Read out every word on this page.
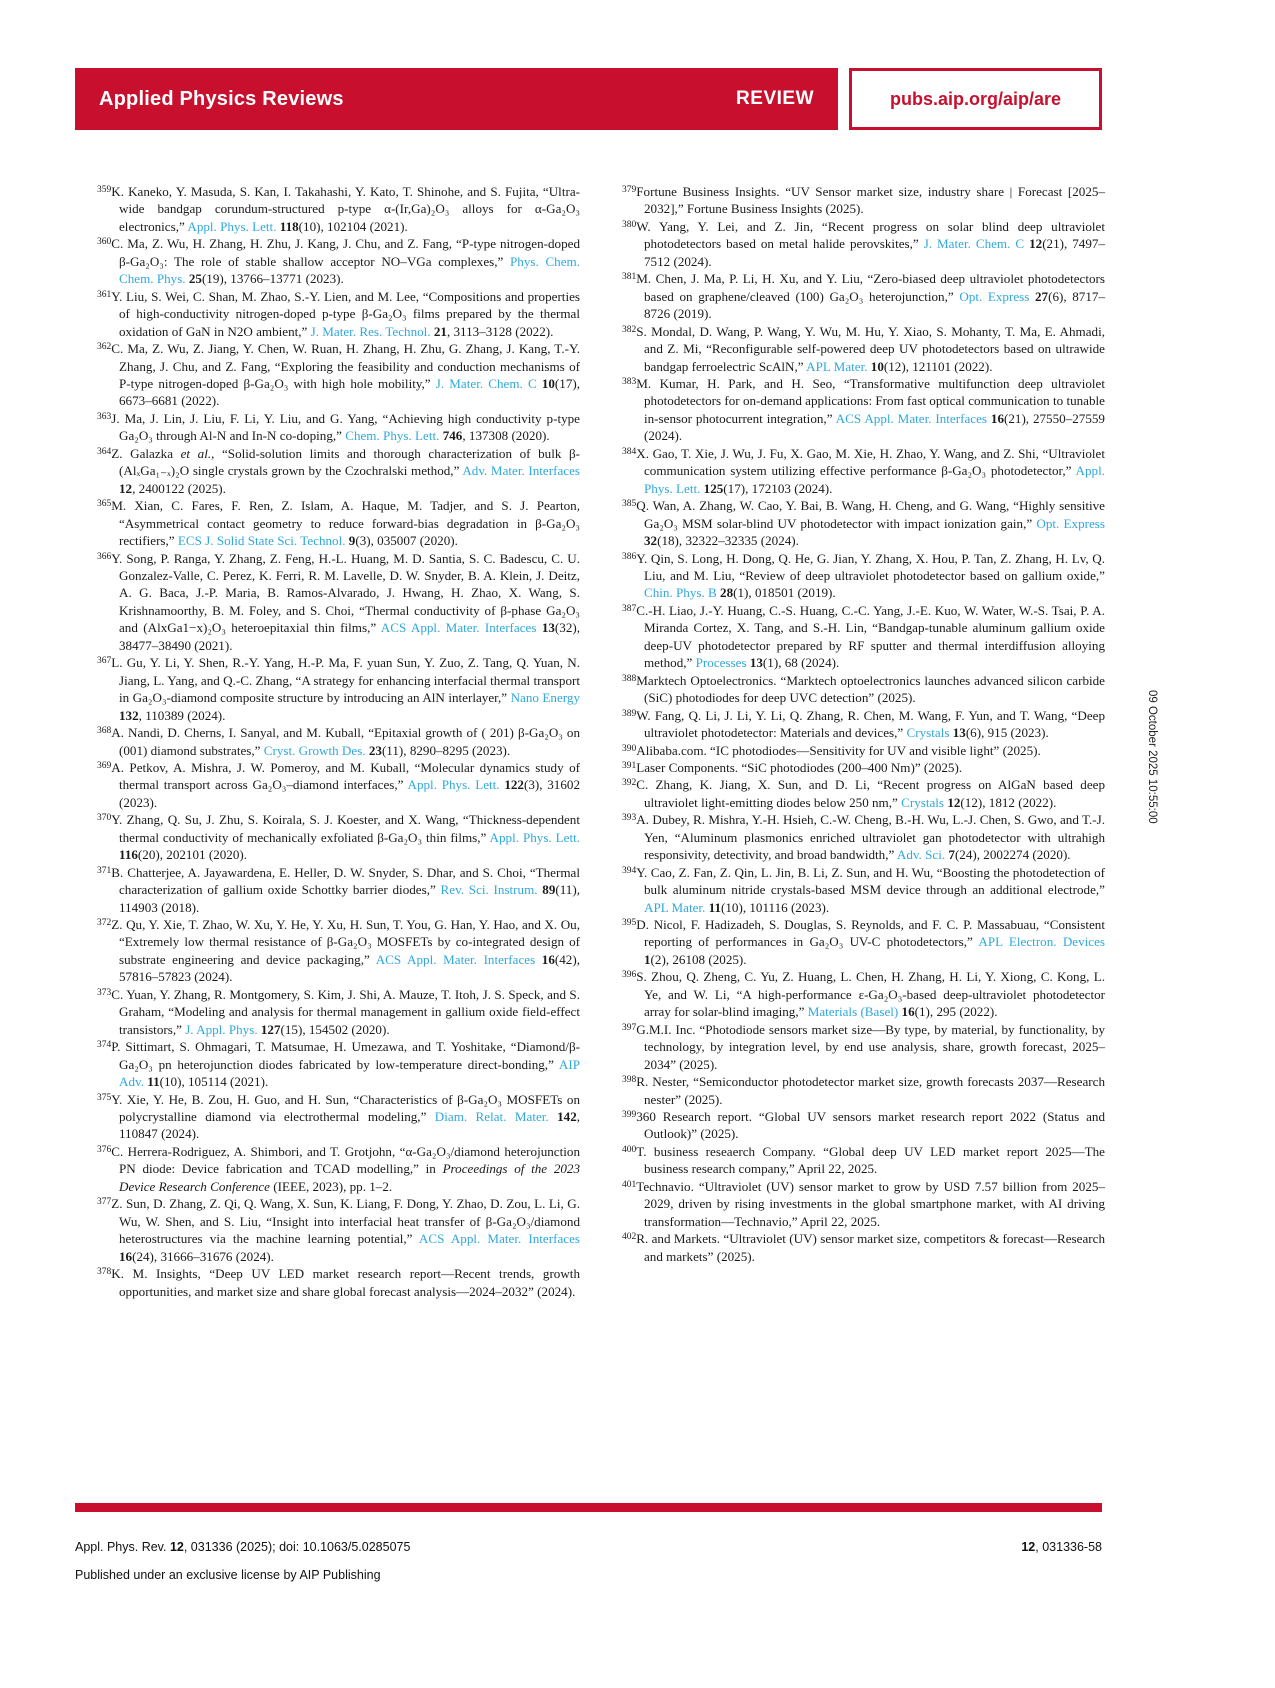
Applied Physics Reviews	REVIEW	pubs.aip.org/aip/are
$^{359}$K. Kaneko, Y. Masuda, S. Kan, I. Takahashi, Y. Kato, T. Shinohe, and S. Fujita, “Ultra-wide bandgap corundum-structured p-type α-(Ir,Ga)₂O₃ alloys for α-Ga₂O₃ electronics,” Appl. Phys. Lett. 118(10), 102104 (2021).
$^{360}$C. Ma, Z. Wu, H. Zhang, H. Zhu, J. Kang, J. Chu, and Z. Fang, “P-type nitrogen-doped β-Ga₂O₃: The role of stable shallow acceptor NO–VGa complexes,” Phys. Chem. Chem. Phys. 25(19), 13766–13771 (2023).
$^{361}$Y. Liu, S. Wei, C. Shan, M. Zhao, S.-Y. Lien, and M. Lee, “Compositions and properties of high-conductivity nitrogen-doped p-type β-Ga₂O₃ films prepared by the thermal oxidation of GaN in N2O ambient,” J. Mater. Res. Technol. 21, 3113–3128 (2022).
$^{362}$C. Ma, Z. Wu, Z. Jiang, Y. Chen, W. Ruan, H. Zhang, H. Zhu, G. Zhang, J. Kang, T.-Y. Zhang, J. Chu, and Z. Fang, “Exploring the feasibility and conduction mechanisms of P-type nitrogen-doped β-Ga₂O₃ with high hole mobility,” J. Mater. Chem. C 10(17), 6673–6681 (2022).
$^{363}$J. Ma, J. Lin, J. Liu, F. Li, Y. Liu, and G. Yang, “Achieving high conductivity p-type Ga₂O₃ through Al-N and In-N co-doping,” Chem. Phys. Lett. 746, 137308 (2020).
$^{364}$Z. Galazka et al., “Solid-solution limits and thorough characterization of bulk β-(AlₓGa₁₋ₓ)₂O single crystals grown by the Czochralski method,” Adv. Mater. Interfaces 12, 2400122 (2025).
$^{365}$M. Xian, C. Fares, F. Ren, Z. Islam, A. Haque, M. Tadjer, and S. J. Pearton, “Asymmetrical contact geometry to reduce forward-bias degradation in β-Ga₂O₃ rectifiers,” ECS J. Solid State Sci. Technol. 9(3), 035007 (2020).
$^{366}$Y. Song, P. Ranga, Y. Zhang, Z. Feng, H.-L. Huang, M. D. Santia, S. C. Badescu, C. U. Gonzalez-Valle, C. Perez, K. Ferri, R. M. Lavelle, D. W. Snyder, B. A. Klein, J. Deitz, A. G. Baca, J.-P. Maria, B. Ramos-Alvarado, J. Hwang, H. Zhao, X. Wang, S. Krishnamoorthy, B. M. Foley, and S. Choi, “Thermal conductivity of β-phase Ga₂O₃ and (AlxGa1−x)₂O₃ heteroepitaxial thin films,” ACS Appl. Mater. Interfaces 13(32), 38477–38490 (2021).
$^{367}$L. Gu, Y. Li, Y. Shen, R.-Y. Yang, H.-P. Ma, F. yuan Sun, Y. Zuo, Z. Tang, Q. Yuan, N. Jiang, L. Yang, and Q.-C. Zhang, “A strategy for enhancing interfacial thermal transport in Ga₂O₃-diamond composite structure by introducing an AlN interlayer,” Nano Energy 132, 110389 (2024).
$^{368}$A. Nandi, D. Cherns, I. Sanyal, and M. Kuball, “Epitaxial growth of ( 201) β-Ga₂O₃ on (001) diamond substrates,” Cryst. Growth Des. 23(11), 8290–8295 (2023).
$^{369}$A. Petkov, A. Mishra, J. W. Pomeroy, and M. Kuball, “Molecular dynamics study of thermal transport across Ga₂O₃–diamond interfaces,” Appl. Phys. Lett. 122(3), 31602 (2023).
$^{370}$Y. Zhang, Q. Su, J. Zhu, S. Koirala, S. J. Koester, and X. Wang, “Thickness-dependent thermal conductivity of mechanically exfoliated β-Ga₂O₃ thin films,” Appl. Phys. Lett. 116(20), 202101 (2020).
$^{371}$B. Chatterjee, A. Jayawardena, E. Heller, D. W. Snyder, S. Dhar, and S. Choi, “Thermal characterization of gallium oxide Schottky barrier diodes,” Rev. Sci. Instrum. 89(11), 114903 (2018).
$^{372}$Z. Qu, Y. Xie, T. Zhao, W. Xu, Y. He, Y. Xu, H. Sun, T. You, G. Han, Y. Hao, and X. Ou, “Extremely low thermal resistance of β-Ga₂O₃ MOSFETs by co-integrated design of substrate engineering and device packaging,” ACS Appl. Mater. Interfaces 16(42), 57816–57823 (2024).
$^{373}$C. Yuan, Y. Zhang, R. Montgomery, S. Kim, J. Shi, A. Mauze, T. Itoh, J. S. Speck, and S. Graham, “Modeling and analysis for thermal management in gallium oxide field-effect transistors,” J. Appl. Phys. 127(15), 154502 (2020).
$^{374}$P. Sittimart, S. Ohmagari, T. Matsumae, H. Umezawa, and T. Yoshitake, “Diamond/β-Ga₂O₃ pn heterojunction diodes fabricated by low-temperature direct-bonding,” AIP Adv. 11(10), 105114 (2021).
$^{375}$Y. Xie, Y. He, B. Zou, H. Guo, and H. Sun, “Characteristics of β-Ga₂O₃ MOSFETs on polycrystalline diamond via electrothermal modeling,” Diam. Relat. Mater. 142, 110847 (2024).
$^{376}$C. Herrera-Rodriguez, A. Shimbori, and T. Grotjohn, “α-Ga₂O₃/diamond heterojunction PN diode: Device fabrication and TCAD modelling,” in Proceedings of the 2023 Device Research Conference (IEEE, 2023), pp. 1–2.
$^{377}$Z. Sun, D. Zhang, Z. Qi, Q. Wang, X. Sun, K. Liang, F. Dong, Y. Zhao, D. Zou, L. Li, G. Wu, W. Shen, and S. Liu, “Insight into interfacial heat transfer of β-Ga₂O₃/diamond heterostructures via the machine learning potential,” ACS Appl. Mater. Interfaces 16(24), 31666–31676 (2024).
$^{378}$K. M. Insights, “Deep UV LED market research report—Recent trends, growth opportunities, and market size and share global forecast analysis—2024–2032” (2024).
$^{379}$Fortune Business Insights. “UV Sensor market size, industry share | Forecast [2025–2032],” Fortune Business Insights (2025).
$^{380}$W. Yang, Y. Lei, and Z. Jin, “Recent progress on solar blind deep ultraviolet photodetectors based on metal halide perovskites,” J. Mater. Chem. C 12(21), 7497–7512 (2024).
$^{381}$M. Chen, J. Ma, P. Li, H. Xu, and Y. Liu, “Zero-biased deep ultraviolet photodetectors based on graphene/cleaved (100) Ga₂O₃ heterojunction,” Opt. Express 27(6), 8717–8726 (2019).
$^{382}$S. Mondal, D. Wang, P. Wang, Y. Wu, M. Hu, Y. Xiao, S. Mohanty, T. Ma, E. Ahmadi, and Z. Mi, “Reconfigurable self-powered deep UV photodetectors based on ultrawide bandgap ferroelectric ScAlN,” APL Mater. 10(12), 121101 (2022).
$^{383}$M. Kumar, H. Park, and H. Seo, “Transformative multifunction deep ultraviolet photodetectors for on-demand applications: From fast optical communication to tunable in-sensor photocurrent integration,” ACS Appl. Mater. Interfaces 16(21), 27550–27559 (2024).
$^{384}$X. Gao, T. Xie, J. Wu, J. Fu, X. Gao, M. Xie, H. Zhao, Y. Wang, and Z. Shi, “Ultraviolet communication system utilizing effective performance β-Ga₂O₃ photodetector,” Appl. Phys. Lett. 125(17), 172103 (2024).
$^{385}$Q. Wan, A. Zhang, W. Cao, Y. Bai, B. Wang, H. Cheng, and G. Wang, “Highly sensitive Ga₂O₃ MSM solar-blind UV photodetector with impact ionization gain,” Opt. Express 32(18), 32322–32335 (2024).
$^{386}$Y. Qin, S. Long, H. Dong, Q. He, G. Jian, Y. Zhang, X. Hou, P. Tan, Z. Zhang, H. Lv, Q. Liu, and M. Liu, “Review of deep ultraviolet photodetector based on gallium oxide,” Chin. Phys. B 28(1), 018501 (2019).
$^{387}$C.-H. Liao, J.-Y. Huang, C.-S. Huang, C.-C. Yang, J.-E. Kuo, W. Water, W.-S. Tsai, P. A. Miranda Cortez, X. Tang, and S.-H. Lin, “Bandgap-tunable aluminum gallium oxide deep-UV photodetector prepared by RF sputter and thermal interdiffusion alloying method,” Processes 13(1), 68 (2024).
$^{388}$Marktech Optoelectronics. “Marktech optoelectronics launches advanced silicon carbide (SiC) photodiodes for deep UVC detection” (2025).
$^{389}$W. Fang, Q. Li, J. Li, Y. Li, Q. Zhang, R. Chen, M. Wang, F. Yun, and T. Wang, “Deep ultraviolet photodetector: Materials and devices,” Crystals 13(6), 915 (2023).
$^{390}$Alibaba.com. “IC photodiodes—Sensitivity for UV and visible light” (2025).
$^{391}$Laser Components. “SiC photodiodes (200–400 Nm)” (2025).
$^{392}$C. Zhang, K. Jiang, X. Sun, and D. Li, “Recent progress on AlGaN based deep ultraviolet light-emitting diodes below 250 nm,” Crystals 12(12), 1812 (2022).
$^{393}$A. Dubey, R. Mishra, Y.-H. Hsieh, C.-W. Cheng, B.-H. Wu, L.-J. Chen, S. Gwo, and T.-J. Yen, “Aluminum plasmonics enriched ultraviolet gan photodetector with ultrahigh responsivity, detectivity, and broad bandwidth,” Adv. Sci. 7(24), 2002274 (2020).
$^{394}$Y. Cao, Z. Fan, Z. Qin, L. Jin, B. Li, Z. Sun, and H. Wu, “Boosting the photodetection of bulk aluminum nitride crystals-based MSM device through an additional electrode,” APL Mater. 11(10), 101116 (2023).
$^{395}$D. Nicol, F. Hadizadeh, S. Douglas, S. Reynolds, and F. C. P. Massabuau, “Consistent reporting of performances in Ga₂O₃ UV-C photodetectors,” APL Electron. Devices 1(2), 26108 (2025).
$^{396}$S. Zhou, Q. Zheng, C. Yu, Z. Huang, L. Chen, H. Zhang, H. Li, Y. Xiong, C. Kong, L. Ye, and W. Li, “A high-performance ε-Ga₂O₃-based deep-ultraviolet photodetector array for solar-blind imaging,” Materials (Basel) 16(1), 295 (2022).
$^{397}$G.M.I. Inc. “Photodiode sensors market size—By type, by material, by functionality, by technology, by integration level, by end use analysis, share, growth forecast, 2025–2034” (2025).
$^{398}$R. Nester, “Semiconductor photodetector market size, growth forecasts 2037—Research nester” (2025).
$^{399}$360 Research report. “Global UV sensors market research report 2022 (Status and Outlook)” (2025).
$^{400}$T. business reseaerch Company. “Global deep UV LED market report 2025—The business research company,” April 22, 2025.
$^{401}$Technavio. “Ultraviolet (UV) sensor market to grow by USD 7.57 billion from 2025–2029, driven by rising investments in the global smartphone market, with AI driving transformation—Technavio,” April 22, 2025.
$^{402}$R. and Markets. “Ultraviolet (UV) sensor market size, competitors & forecast—Research and markets” (2025).
09 October 2025 10:55:00
Appl. Phys. Rev. 12, 031336 (2025); doi: 10.1063/5.0285075	12, 031336-58
Published under an exclusive license by AIP Publishing
